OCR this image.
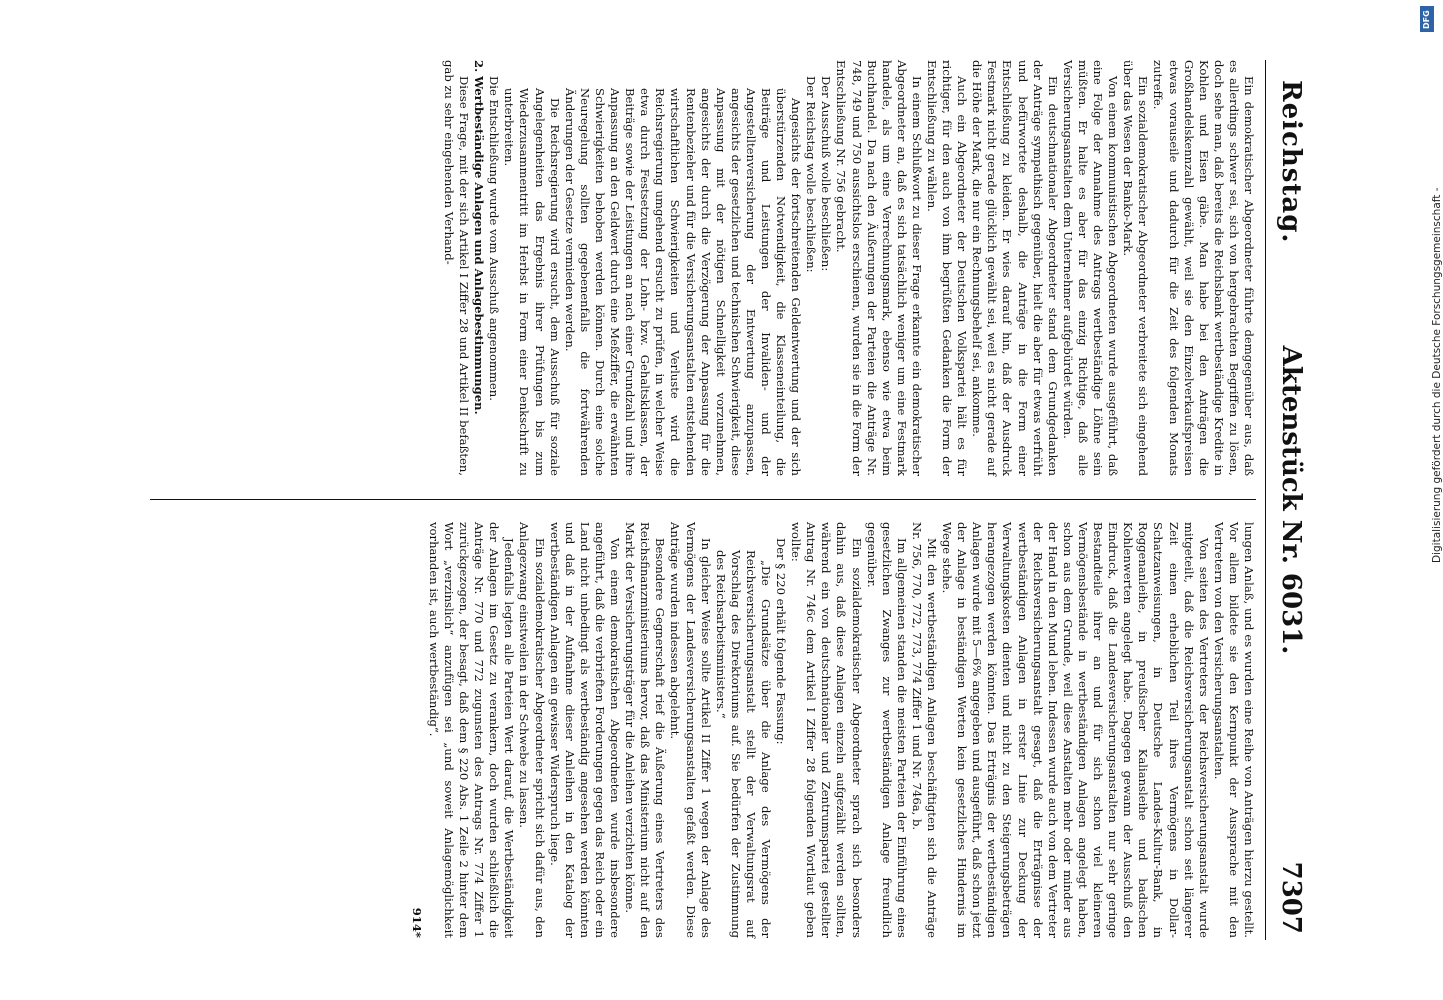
Reichstag.
Aktenstück Nr. 6031.
7307

Ein demokratischer Abgeordneter führte demgegenüber aus, daß es allerdings schwer sei, sich von hergebrachten Begriffen zu lösen, doch sehe man, daß bereits die Reichsbank wertbeständige Kredite in Kohlen und Eisen gäbe. Man habe bei den Anträgen die Großhandelskennzahl gewählt, weil sie den Einzelverkaufspreisen etwas vorauseile und dadurch für die Zeit des folgenden Monats zutreffe.

Ein sozialdemokratischer Abgeordneter verbreitete sich eingehend über das Wesen der Banko-Mark.

Von einem kommunistischen Abgeordneten wurde ausgeführt, daß eine Folge der Annahme des Antrags wertbeständige Löhne sein müßten. Er halte es aber für das einzig Richtige, daß alle Versicherungsanstalten dem Unternehmer aufgebürdet würden.

Ein deutschnationaler Abgeordneter stand dem Grundgedanken der Anträge sympathisch gegenüber, hielt die aber für etwas verfrüht und befürwortete deshalb, die Anträge in die Form einer Entschließung zu kleiden. Er wies darauf hin, daß der Ausdruck Festmark nicht gerade glücklich gewählt sei, weil es nicht gerade auf die Höhe der Mark, die nur ein Rechnungsbehelf sei, ankomme.

Auch ein Abgeordneter der Deutschen Volkspartei hält es für richtiger, für den auch von ihm begrüßten Gedanken die Form der Entschließung zu wählen.

In einem Schlußwort zu dieser Frage erkannte ein demokratischer Abgeordneter an, daß es sich tatsächlich weniger um eine Festmark handele, als um eine Verrechnungsmark, ebenso wie etwa beim Buchhandel. Da nach den Äußerungen der Parteien die Anträge Nr. 748, 749 und 750 aussichtslos erschienen, wurden sie in die Form der Entschließung Nr. 756 gebracht.

Der Ausschuß wolle beschließen:

Der Reichstag wolle beschließen:

Angesichts der fortschreitenden Geldentwertung und der sich überstürzenden Notwendigkeit, die Klasseneinteilung, die Beiträge und Leistungen der Invaliden- und der Angestelltenversicherung der Entwertung anzupassen, angesichts der gesetzlichen und technischen Schwierigkeit, diese Anpassung mit der nötigen Schnelligkeit vorzunehmen, angesichts der durch die Verzögerung der Anpassung für die Rentenbezieher und für die Versicherungsanstalten entstehenden wirtschaftlichen Schwierigkeiten und Verluste wird die Reichsregierung umgehend ersucht zu prüfen, in welcher Weise etwa durch Festsetzung der Lohn- bzw. Gehaltsklassen, der Beiträge sowie der Leistungen an nach einer Grundzahl und ihre Anpassung an den Geldwert durch eine Meßziffer, die erwähnten Schwierigkeiten behoben werden können. Durch eine solche Neuregelung sollten gegebenenfalls die fortwährenden Änderungen der Gesetze vermieden werden.

Die Reichsregierung wird ersucht, dem Ausschuß für soziale Angelegenheiten das Ergebnis ihrer Prüfungen bis zum Wiederzusammentritt im Herbst in Form einer Denkschrift zu unterbreiten.

Die Entschließung wurde vom Ausschuß angenommen.

2. Wertbeständige Anlagen und Anlagebestimmungen.

Diese Frage, mit der sich Artikel I Ziffer 28 und Artikel II befaßten, gab zu sehr eingehenden Verhand-

lungen Anlaß, und es wurden eine Reihe von Anträgen hierzu gestellt. Vor allem bildete sie den Kernpunkt der Aussprache mit den Vertretern von den Versicherungsanstalten.

Von seiten des Vertreters der Reichsversicherungsanstalt wurde mitgeteilt, daß die Reichsversicherungsanstalt schon seit längerer Zeit einen erheblichen Teil ihres Vermögens in Dollar-Schatzanweisungen, in Deutsche Landes-Kultur-Bank, in Roggenanleihe, in preußischer Kaliansleihe und badischen Kohlenwerten angelegt habe. Dagegen gewann der Ausschuß den Eindruck, daß die Landesversicherungsanstalten nur sehr geringe Bestandteile ihrer an und für sich schon viel kleineren Vermögensbestände in wertbeständigen Anlagen angelegt haben, schon aus dem Grunde, weil diese Anstalten mehr oder minder aus der Hand in den Mund leben. Indessen wurde auch von dem Vertreter der Reichsversicherungsanstalt gesagt, daß die Erträgnisse der wertbeständigen Anlagen in erster Linie zur Deckung der Verwaltungskosten dienten und nicht zu den Steigerungsbeträgen herangezogen werden könnten. Das Erträgnis der wertbeständigen Anlagen wurde mit 5—6% angegeben und ausgeführt, daß schon jetzt der Anlage in beständigen Werten kein gesetzliches Hindernis im Wege stehe.

Mit den wertbeständigen Anlagen beschäftigten sich die Anträge Nr. 756, 770, 772, 773, 774 Ziffer 1 und Nr. 746a, b.

Im allgemeinen standen die meisten Parteien der Einführung eines gesetzlichen Zwanges zur wertbeständigen Anlage freundlich gegenüber.

Ein sozialdemokratischer Abgeordneter sprach sich besonders dahin aus, daß diese Anlagen einzeln aufgezählt werden sollten, während ein von deutschnationaler und Zentrumspartei gestellter Antrag Nr. 746c dem Artikel I Ziffer 28 folgenden Wortlaut geben wollte:

Der § 220 erhält folgende Fassung:

„Die Grundsätze über die Anlage des Vermögens der Reichsversicherungsanstalt stellt der Verwaltungsrat auf Vorschlag des Direktoriums auf. Sie bedürfen der Zustimmung des Reichsarbeitsministers.“

In gleicher Weise sollte Artikel II Ziffer 1 wegen der Anlage des Vermögens der Landesversicherungsanstalten gefaßt werden. Diese Anträge wurden indessen abgelehnt.

Besondere Gegnerschaft rief die Äußerung eines Vertreters des Reichsfinanzministeriums hervor, daß das Ministerium nicht auf den Markt der Versicherungsträger für die Anleihen verzichten könne.

Von einem demokratischen Abgeordneten wurde insbesondere angeführt, daß die verbrieften Forderungen gegen das Reich oder ein Land nicht unbedingt als wertbeständig angesehen werden könnten und daß in der Aufnahme dieser Anleihen in den Katalog der wertbeständigen Anlagen ein gewisser Widerspruch liege.

Ein sozialdemokratischer Abgeordneter spricht sich dafür aus, den Anlagezwang einstweilen in der Schwebe zu lassen.

Jedenfalls legten alle Parteien Wert darauf, die Wertbeständigkeit der Anlagen im Gesetz zu verankern, doch wurden schließlich die Anträge Nr. 770 und 772 zugunsten des Antrags Nr. 774 Ziffer 1 zurückgezogen, der besagt, daß dem § 220 Abs. 1 Zeile 2 hinter dem Wort „verzinslich“ anzufügen sei „und soweit Anlagemöglichkeit vorhanden ist, auch wertbeständig“.

914*

Digitalisierung gefördert durch die Deutsche Forschungsgemeinschaft -
DFG
